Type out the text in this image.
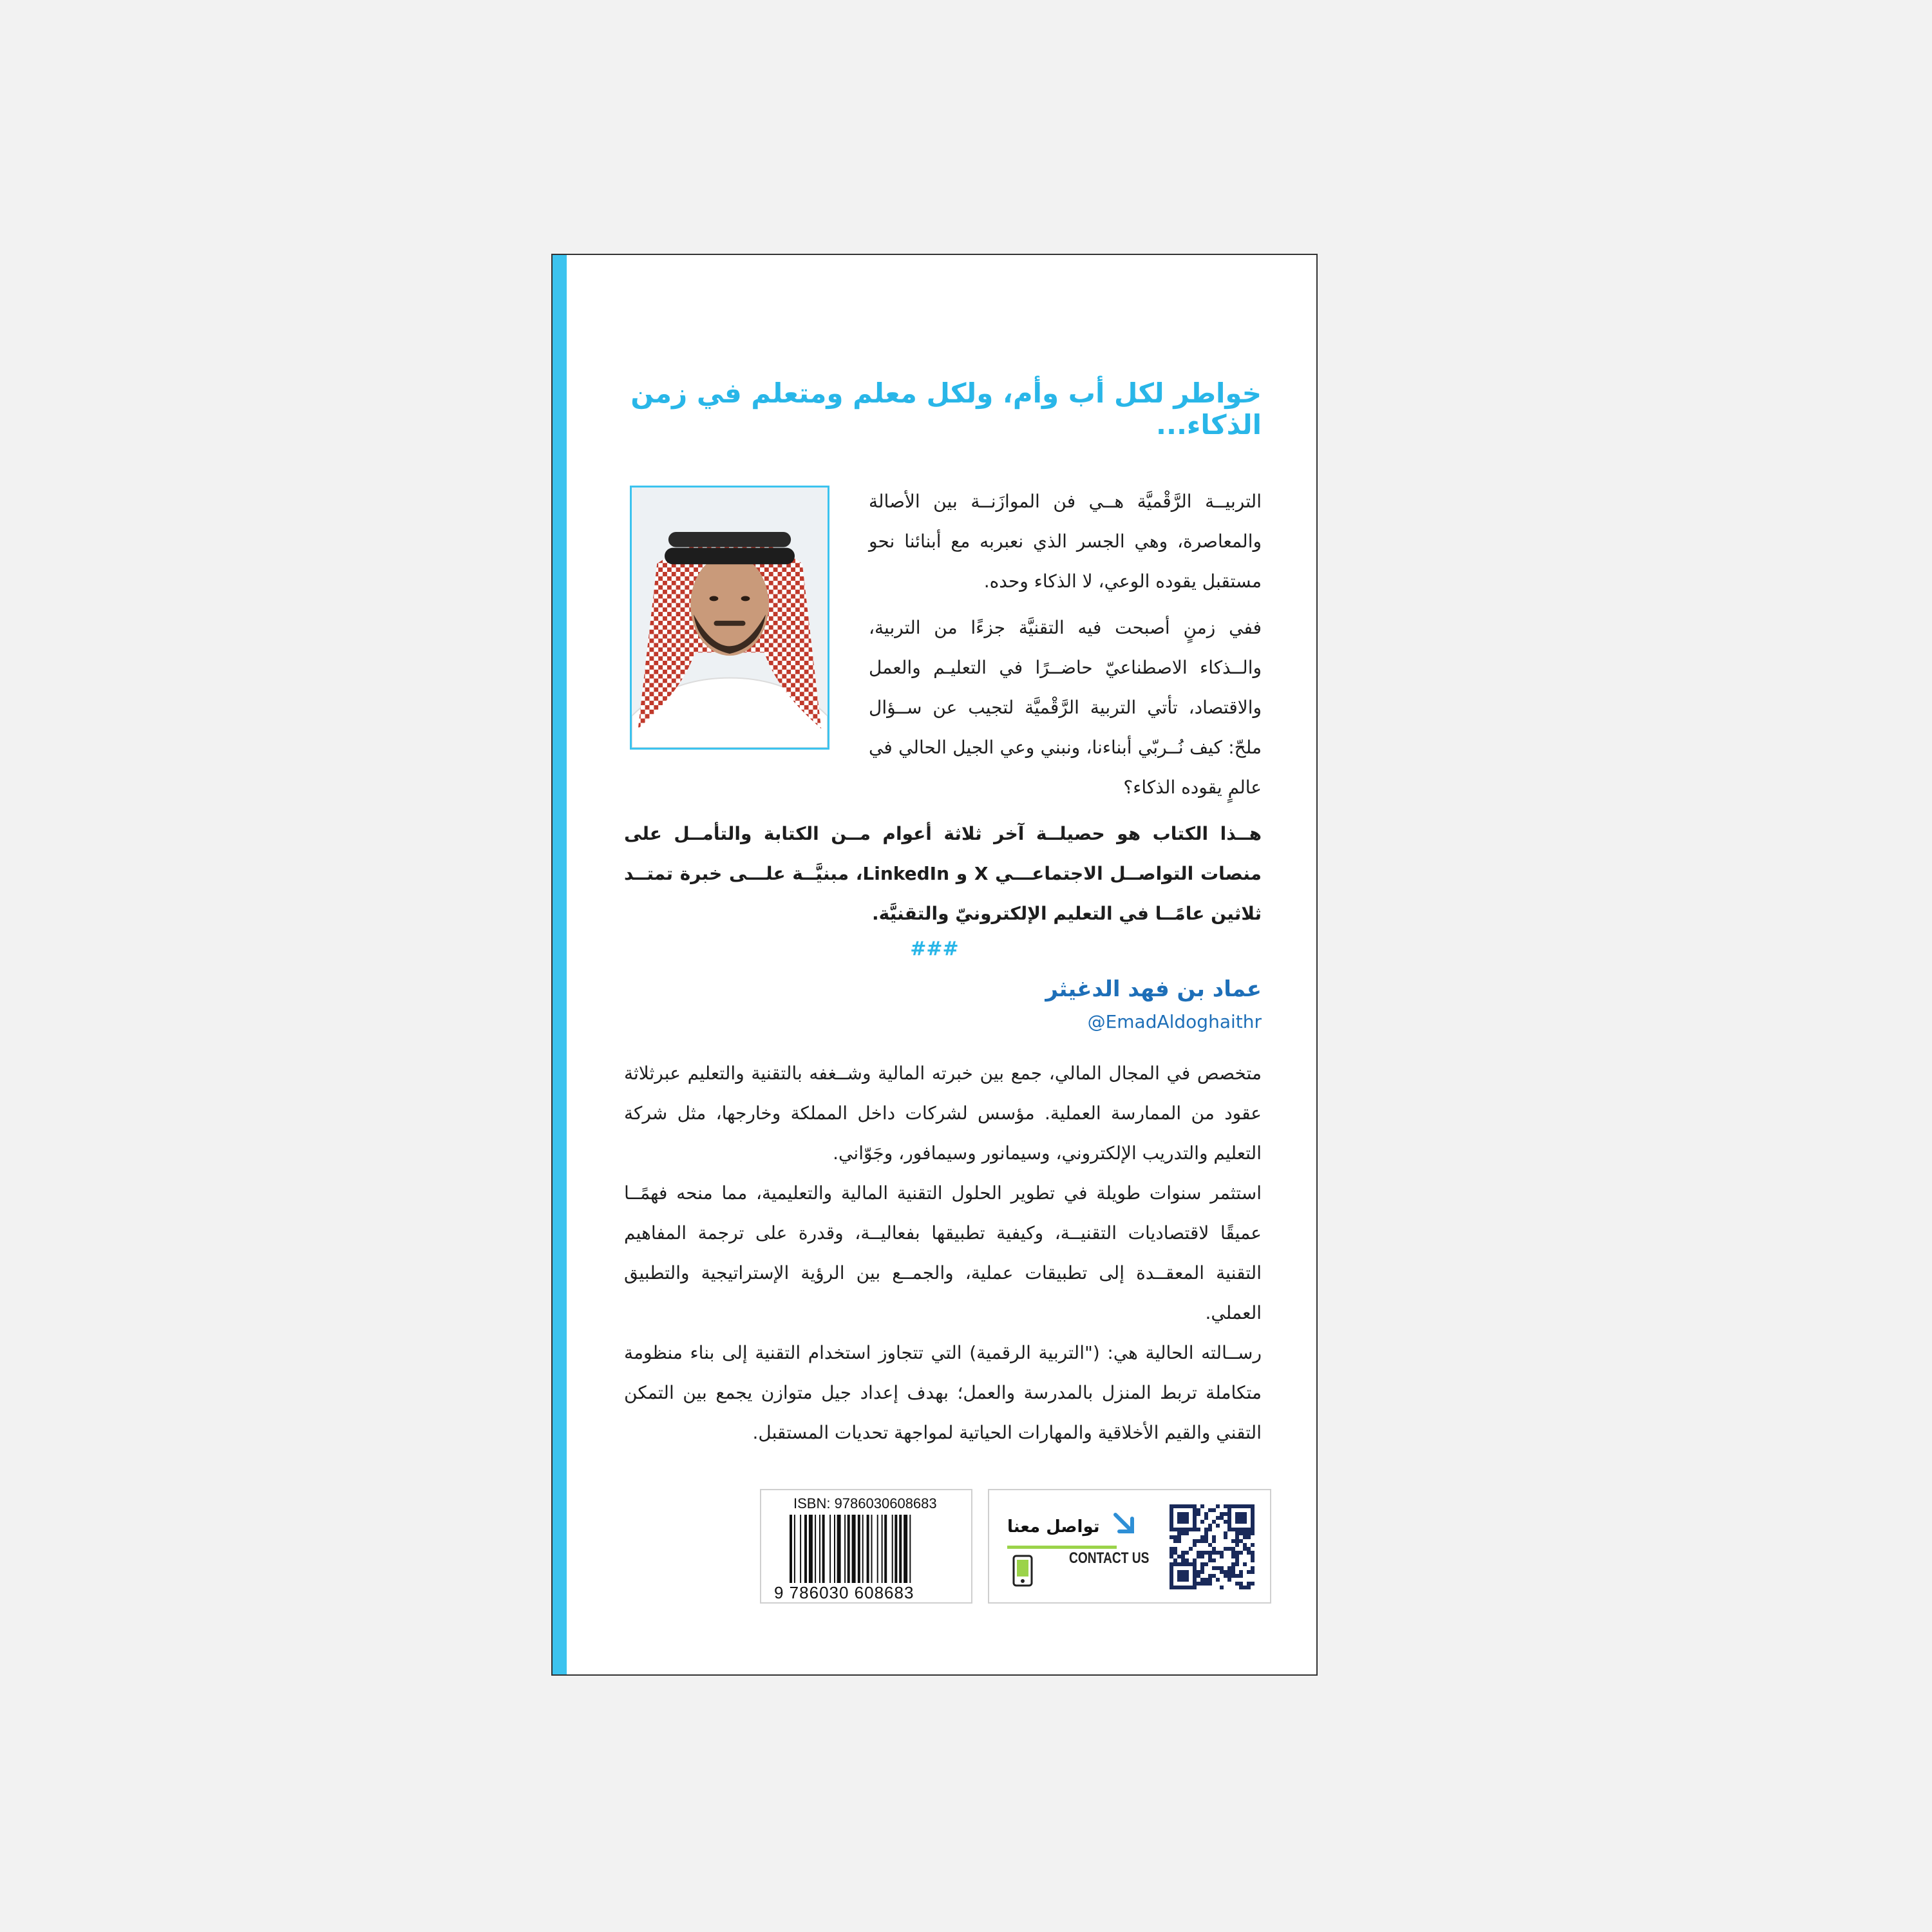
خواطر لكل أب وأم، ولكل معلم ومتعلم في زمن الذكاء...

التربيــة الرَّقْميَّة هــي فن الموازَنــة بين الأصالة والمعاصرة، وهي الجسر الذي نعبربه مع أبنائنا نحو مستقبل يقوده الوعي، لا الذكاء وحده.

ففي زمنٍ أصبحت فيه التقنيَّة جزءًا من التربية، والــذكاء الاصطناعيّ حاضــرًا في التعليـم والعمل والاقتصاد، تأتي التربية الرَّقْميَّة لتجيب عن ســؤال ملحّ: كيف نُــربّي أبناءنا، ونبني وعي الجيل الحالي في عالمٍ يقوده الذكاء؟

هــذا الكتاب هو حصيلــة آخر ثلاثة أعوام مــن الكتابة والتأمــل على منصات التواصــل الاجتماعـــي X و LinkedIn، مبنيَّــة علـــى خبرة تمتــد ثلاثين عامًــا في التعليم الإلكترونيّ والتقنيَّة.

###
عماد بن فهد الدغيثر
@EmadAldoghaithr

متخصص في المجال المالي، جمع بين خبرته المالية وشــغفه بالتقنية والتعليم عبرثلاثة عقود من الممارسة العملية. مؤسس لشركات داخل المملكة وخارجها، مثل شركة التعليم والتدريب الإلكتروني، وسيمانور وسيمافور، وجَوّاني.

استثمر سنوات طويلة في تطوير الحلول التقنية المالية والتعليمية، مما منحه فهمًــا عميقًا لاقتصاديات التقنيــة، وكيفية تطبيقها بفعاليــة، وقدرة على ترجمة المفاهيم التقنية المعقــدة إلى تطبيقات عملية، والجمــع بين الرؤية الإستراتيجية والتطبيق العملي.

رســالته الحالية هي: ("التربية الرقمية) التي تتجاوز استخدام التقنية إلى بناء منظومة متكاملة تربط المنزل بالمدرسة والعمل؛ بهدف إعداد جيل متوازن يجمع بين التمكن التقني والقيم الأخلاقية والمهارات الحياتية لمواجهة تحديات المستقبل.

ISBN: 9786030608683
9 786030 608683
تواصل معنا
CONTACT US
